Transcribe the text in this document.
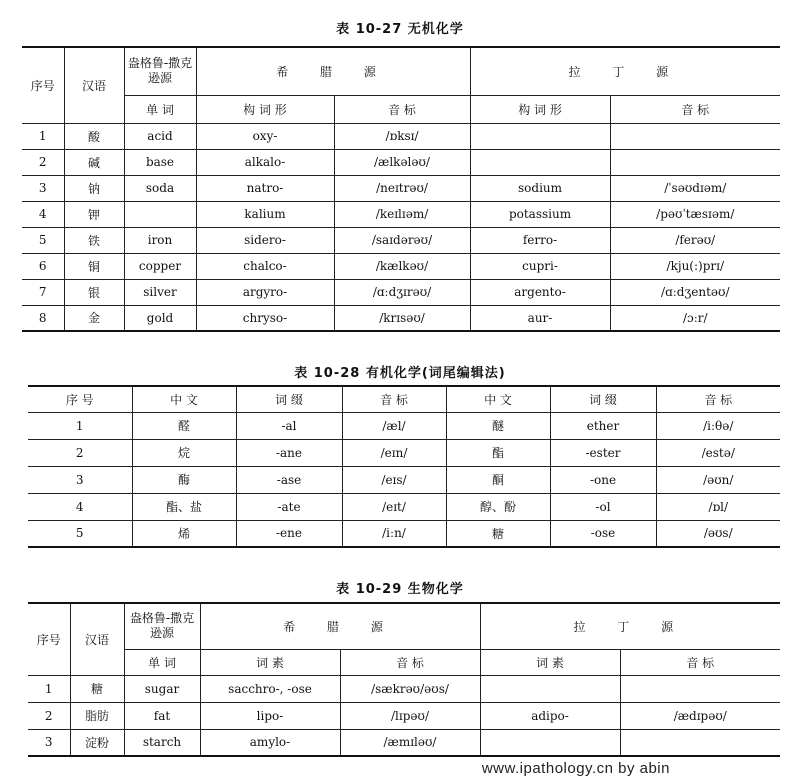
表 10-27 无机化学
序号	汉语	盎格鲁-撒克逊源	希 腊 源		拉 丁 源	
		单 词	构 词 形	音 标	构 词 形	音 标
1	酸	acid	oxy-	/ɒksɪ/		
2	碱	base	alkalo-	/ælkələʊ/		
3	钠	soda	natro-	/neɪtrəʊ/	sodium	/ˈsəʊdɪəm/
4	钾		kalium	/keɪlɪəm/	potassium	/pəʊˈtæsɪəm/
5	铁	iron	sidero-	/saɪdərəʊ/	ferro-	/ferəʊ/
6	铜	copper	chalco-	/kælkəʊ/	cupri-	/kju(:)prɪ/
7	银	silver	argyro-	/ɑːdʒɪrəʊ/	argento-	/ɑːdʒentəʊ/
8	金	gold	chryso-	/krɪsəʊ/	aur-	/ɔːr/
表 10-28 有机化学(词尾编辑法)
序 号	中 文	词 缀	音 标	中 文	词 缀	音 标
1	醛	-al	/æl/	醚	ether	/iːθə/
2	烷	-ane	/eɪn/	酯	-ester	/estə/
3	酶	-ase	/eɪs/	酮	-one	/əʊn/
4	酯、盐	-ate	/eɪt/	醇、酚	-ol	/ɒl/
5	烯	-ene	/iːn/	糖	-ose	/əʊs/
表 10-29 生物化学
序号	汉语	盎格鲁-撒克逊源	希 腊 源		拉 丁 源	
		单 词	词 素	音 标	词 素	音 标
1	糖	sugar	sacchro-, -ose	/sækrəʊ/əʊs/		
2	脂肪	fat	lipo-	/lɪpəʊ/	adipo-	/ædɪpəʊ/
3	淀粉	starch	amylo-	/æmɪləʊ/		
www.ipathology.cn by abin
